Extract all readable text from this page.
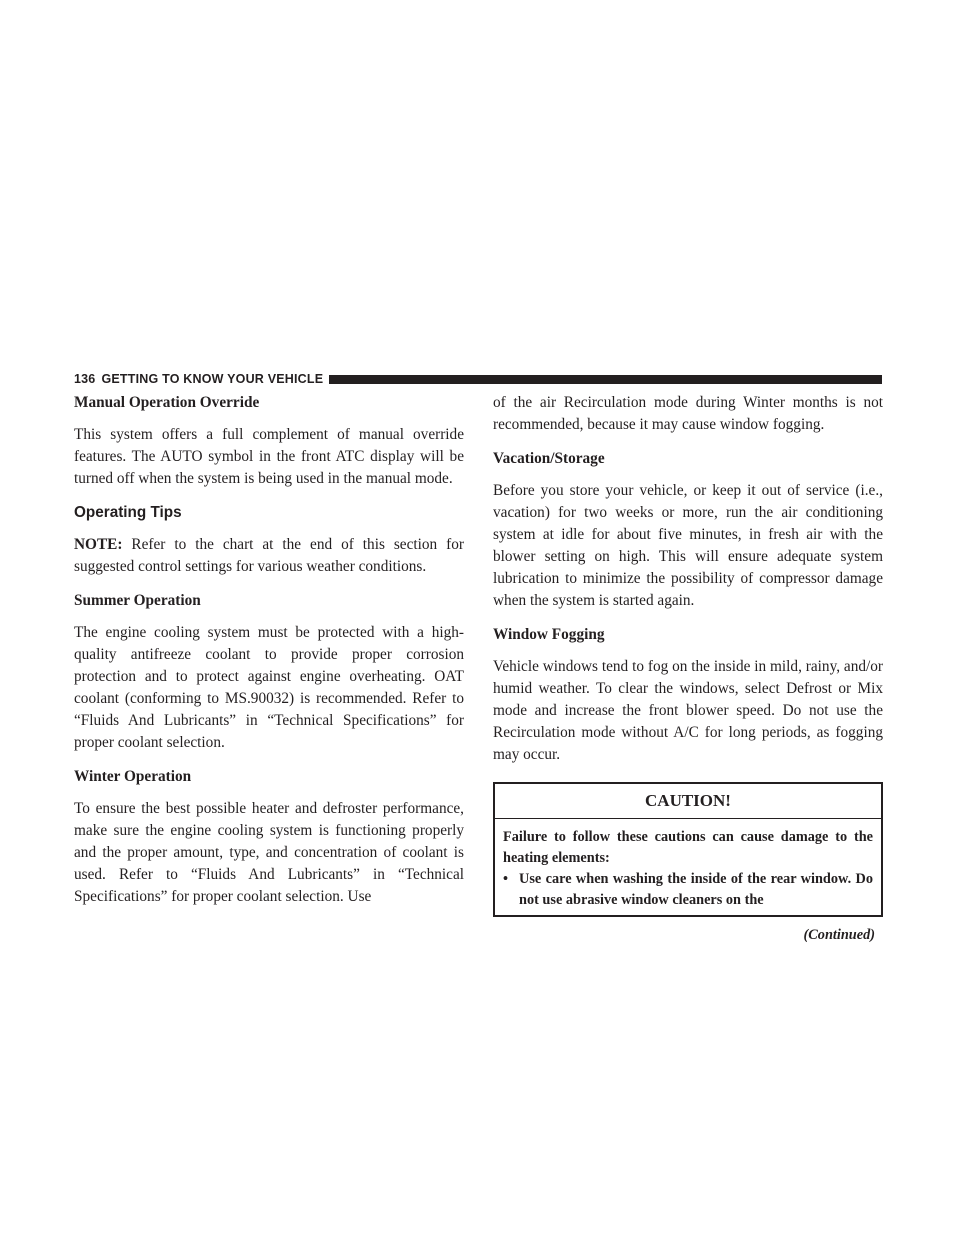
136 GETTING TO KNOW YOUR VEHICLE
Manual Operation Override

This system offers a full complement of manual override features. The AUTO symbol in the front ATC display will be turned off when the system is being used in the manual mode.

Operating Tips

NOTE: Refer to the chart at the end of this section for suggested control settings for various weather conditions.

Summer Operation

The engine cooling system must be protected with a high-quality antifreeze coolant to provide proper corrosion protection and to protect against engine overheating. OAT coolant (conforming to MS.90032) is recommended. Refer to “Fluids And Lubricants” in “Technical Specifications” for proper coolant selection.

Winter Operation

To ensure the best possible heater and defroster performance, make sure the engine cooling system is functioning properly and the proper amount, type, and concentration of coolant is used. Refer to “Fluids And Lubricants” in “Technical Specifications” for proper coolant selection. Use

of the air Recirculation mode during Winter months is not recommended, because it may cause window fogging.

Vacation/Storage

Before you store your vehicle, or keep it out of service (i.e., vacation) for two weeks or more, run the air conditioning system at idle for about five minutes, in fresh air with the blower setting on high. This will ensure adequate system lubrication to minimize the possibility of compressor damage when the system is started again.

Window Fogging

Vehicle windows tend to fog on the inside in mild, rainy, and/or humid weather. To clear the windows, select Defrost or Mix mode and increase the front blower speed. Do not use the Recirculation mode without A/C for long periods, as fogging may occur.

CAUTION!

Failure to follow these cautions can cause damage to the heating elements:

• Use care when washing the inside of the rear window. Do not use abrasive window cleaners on the
(Continued)
